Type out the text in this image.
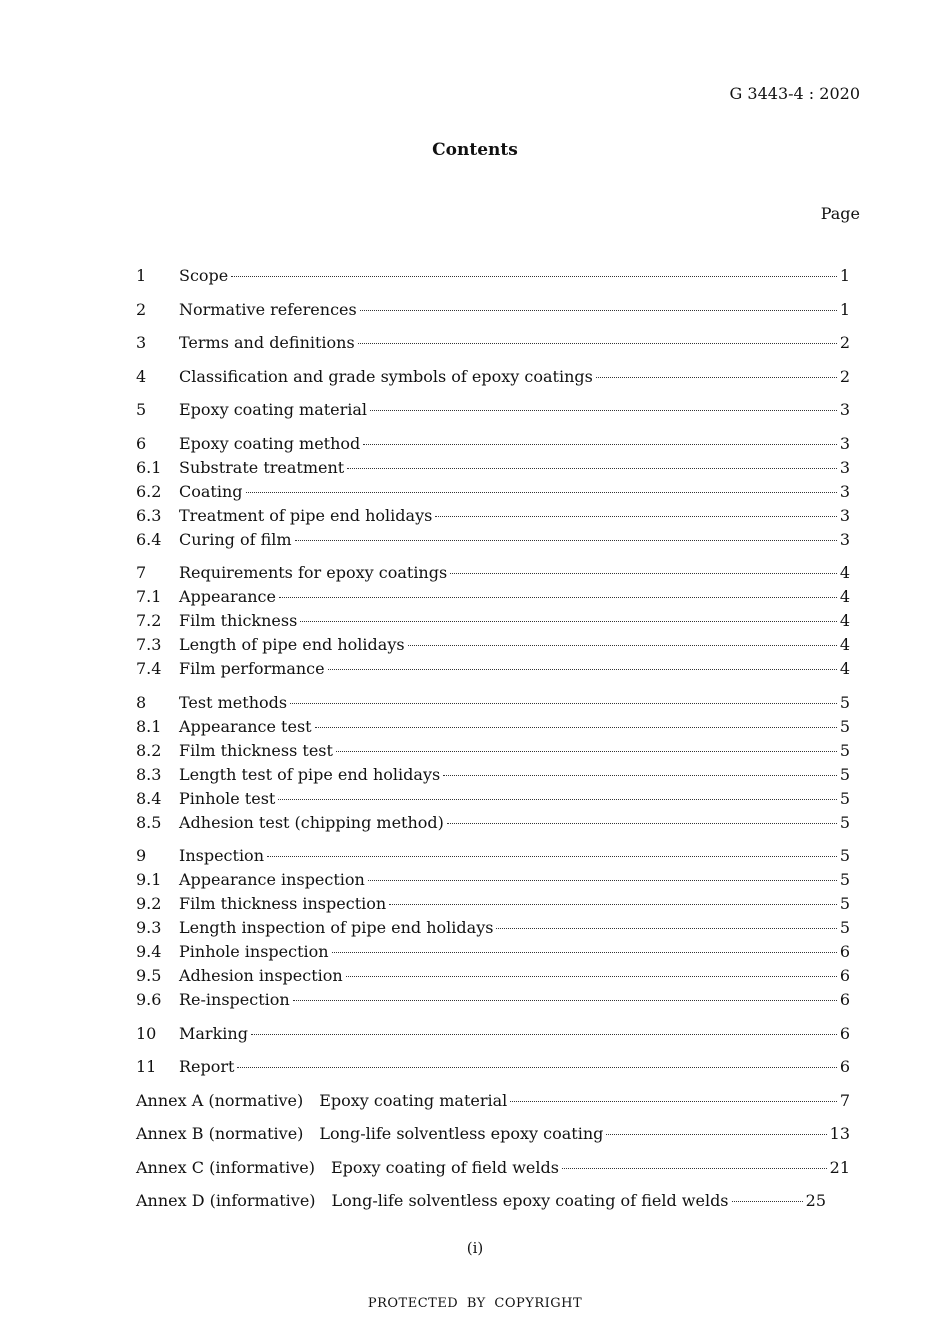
G 3443-4 : 2020
Contents
Page
1	Scope	1
2	Normative references	1
3	Terms and definitions	2
4	Classification and grade symbols of epoxy coatings	2
5	Epoxy coating material	3
6	Epoxy coating method	3
6.1	Substrate treatment	3
6.2	Coating	3
6.3	Treatment of pipe end holidays	3
6.4	Curing of film	3
7	Requirements for epoxy coatings	4
7.1	Appearance	4
7.2	Film thickness	4
7.3	Length of pipe end holidays	4
7.4	Film performance	4
8	Test methods	5
8.1	Appearance test	5
8.2	Film thickness test	5
8.3	Length test of pipe end holidays	5
8.4	Pinhole test	5
8.5	Adhesion test (chipping method)	5
9	Inspection	5
9.1	Appearance inspection	5
9.2	Film thickness inspection	5
9.3	Length inspection of pipe end holidays	5
9.4	Pinhole inspection	6
9.5	Adhesion inspection	6
9.6	Re-inspection	6
10	Marking	6
11	Report	6
Annex A (normative) Epoxy coating material	7
Annex B (normative) Long-life solventless epoxy coating	13
Annex C (informative) Epoxy coating of field welds	21
Annex D (informative) Long-life solventless epoxy coating of field welds	25
(i)
PROTECTED BY COPYRIGHT
